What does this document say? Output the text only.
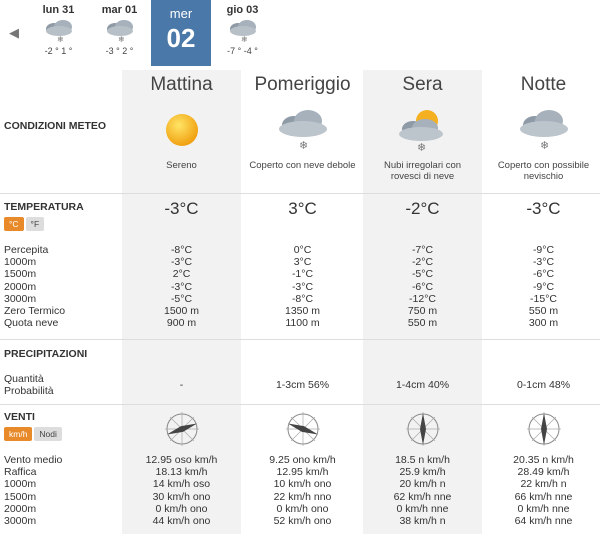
◀
lun 31
❄
-2 ° 1 °
mar 01
❄
-3 ° 2 °
mer
02
gio 03
❄
-7 ° -4 °
CONDIZIONI METEO
TEMPERATURA
°C	°F
Percepita
1000m
1500m
2000m
3000m
Zero Termico
Quota neve
PRECIPITAZIONI
Quantità
Probabilità
VENTI
km/h	Nodi
Vento medio
Raffica
1000m
1500m
2000m
3000m
Mattina
Sereno
-3°C
-8°C
-3°C
2°C
-3°C
-5°C
1500 m
900 m
-
12.95 oso km/h
18.13 km/h
14 km/h oso
30 km/h ono
0 km/h ono
44 km/h ono
Pomeriggio
❄
Coperto con neve debole
3°C
0°C
3°C
-1°C
-3°C
-8°C
1350 m
1100 m
1-3cm 56%
9.25 ono km/h
12.95 km/h
10 km/h ono
22 km/h nno
0 km/h ono
52 km/h ono
Sera
❄
Nubi irregolari con
rovesci di neve
-2°C
-7°C
-2°C
-5°C
-6°C
-12°C
750 m
550 m
1-4cm 40%
18.5 n km/h
25.9 km/h
20 km/h n
62 km/h nne
0 km/h nne
38 km/h n
Notte
❄
Coperto con possibile
nevischio
-3°C
-9°C
-3°C
-6°C
-9°C
-15°C
550 m
300 m
0-1cm 48%
20.35 n km/h
28.49 km/h
22 km/h n
66 km/h nne
0 km/h nne
64 km/h nne
